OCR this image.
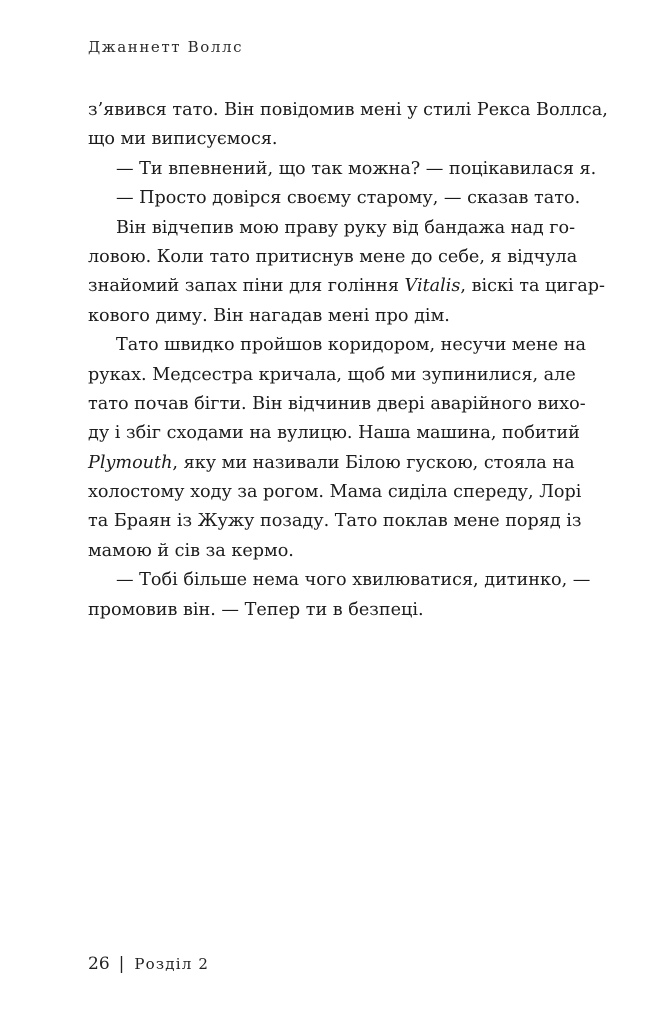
Джаннетт Воллс
з’явився тато. Він повідомив мені у стилі Рекса Воллса,
що ми виписуємося.
— Ти впевнений, що так можна? — поцікавилася я.
— Просто довірся своєму старому, — сказав тато.
Він відчепив мою праву руку від бандажа над го-
ловою. Коли тато притиснув мене до себе, я відчула
знайомий запах піни для гоління Vitalis, віскі та цигар-
кового диму. Він нагадав мені про дім.
Тато швидко пройшов коридором, несучи мене на
руках. Медсестра кричала, щоб ми зупинилися, але
тато почав бігти. Він відчинив двері аварійного вихо-
ду і збіг сходами на вулицю. Наша машина, побитий
Plymouth, яку ми називали Білою гускою, стояла на
холостому ходу за рогом. Мама сиділа спереду, Лорі
та Браян із Жужу позаду. Тато поклав мене поряд із
мамою й сів за кермо.
— Тобі більше нема чого хвилюватися, дитинко, —
промовив він. — Тепер ти в безпеці.
26 | Розділ 2
